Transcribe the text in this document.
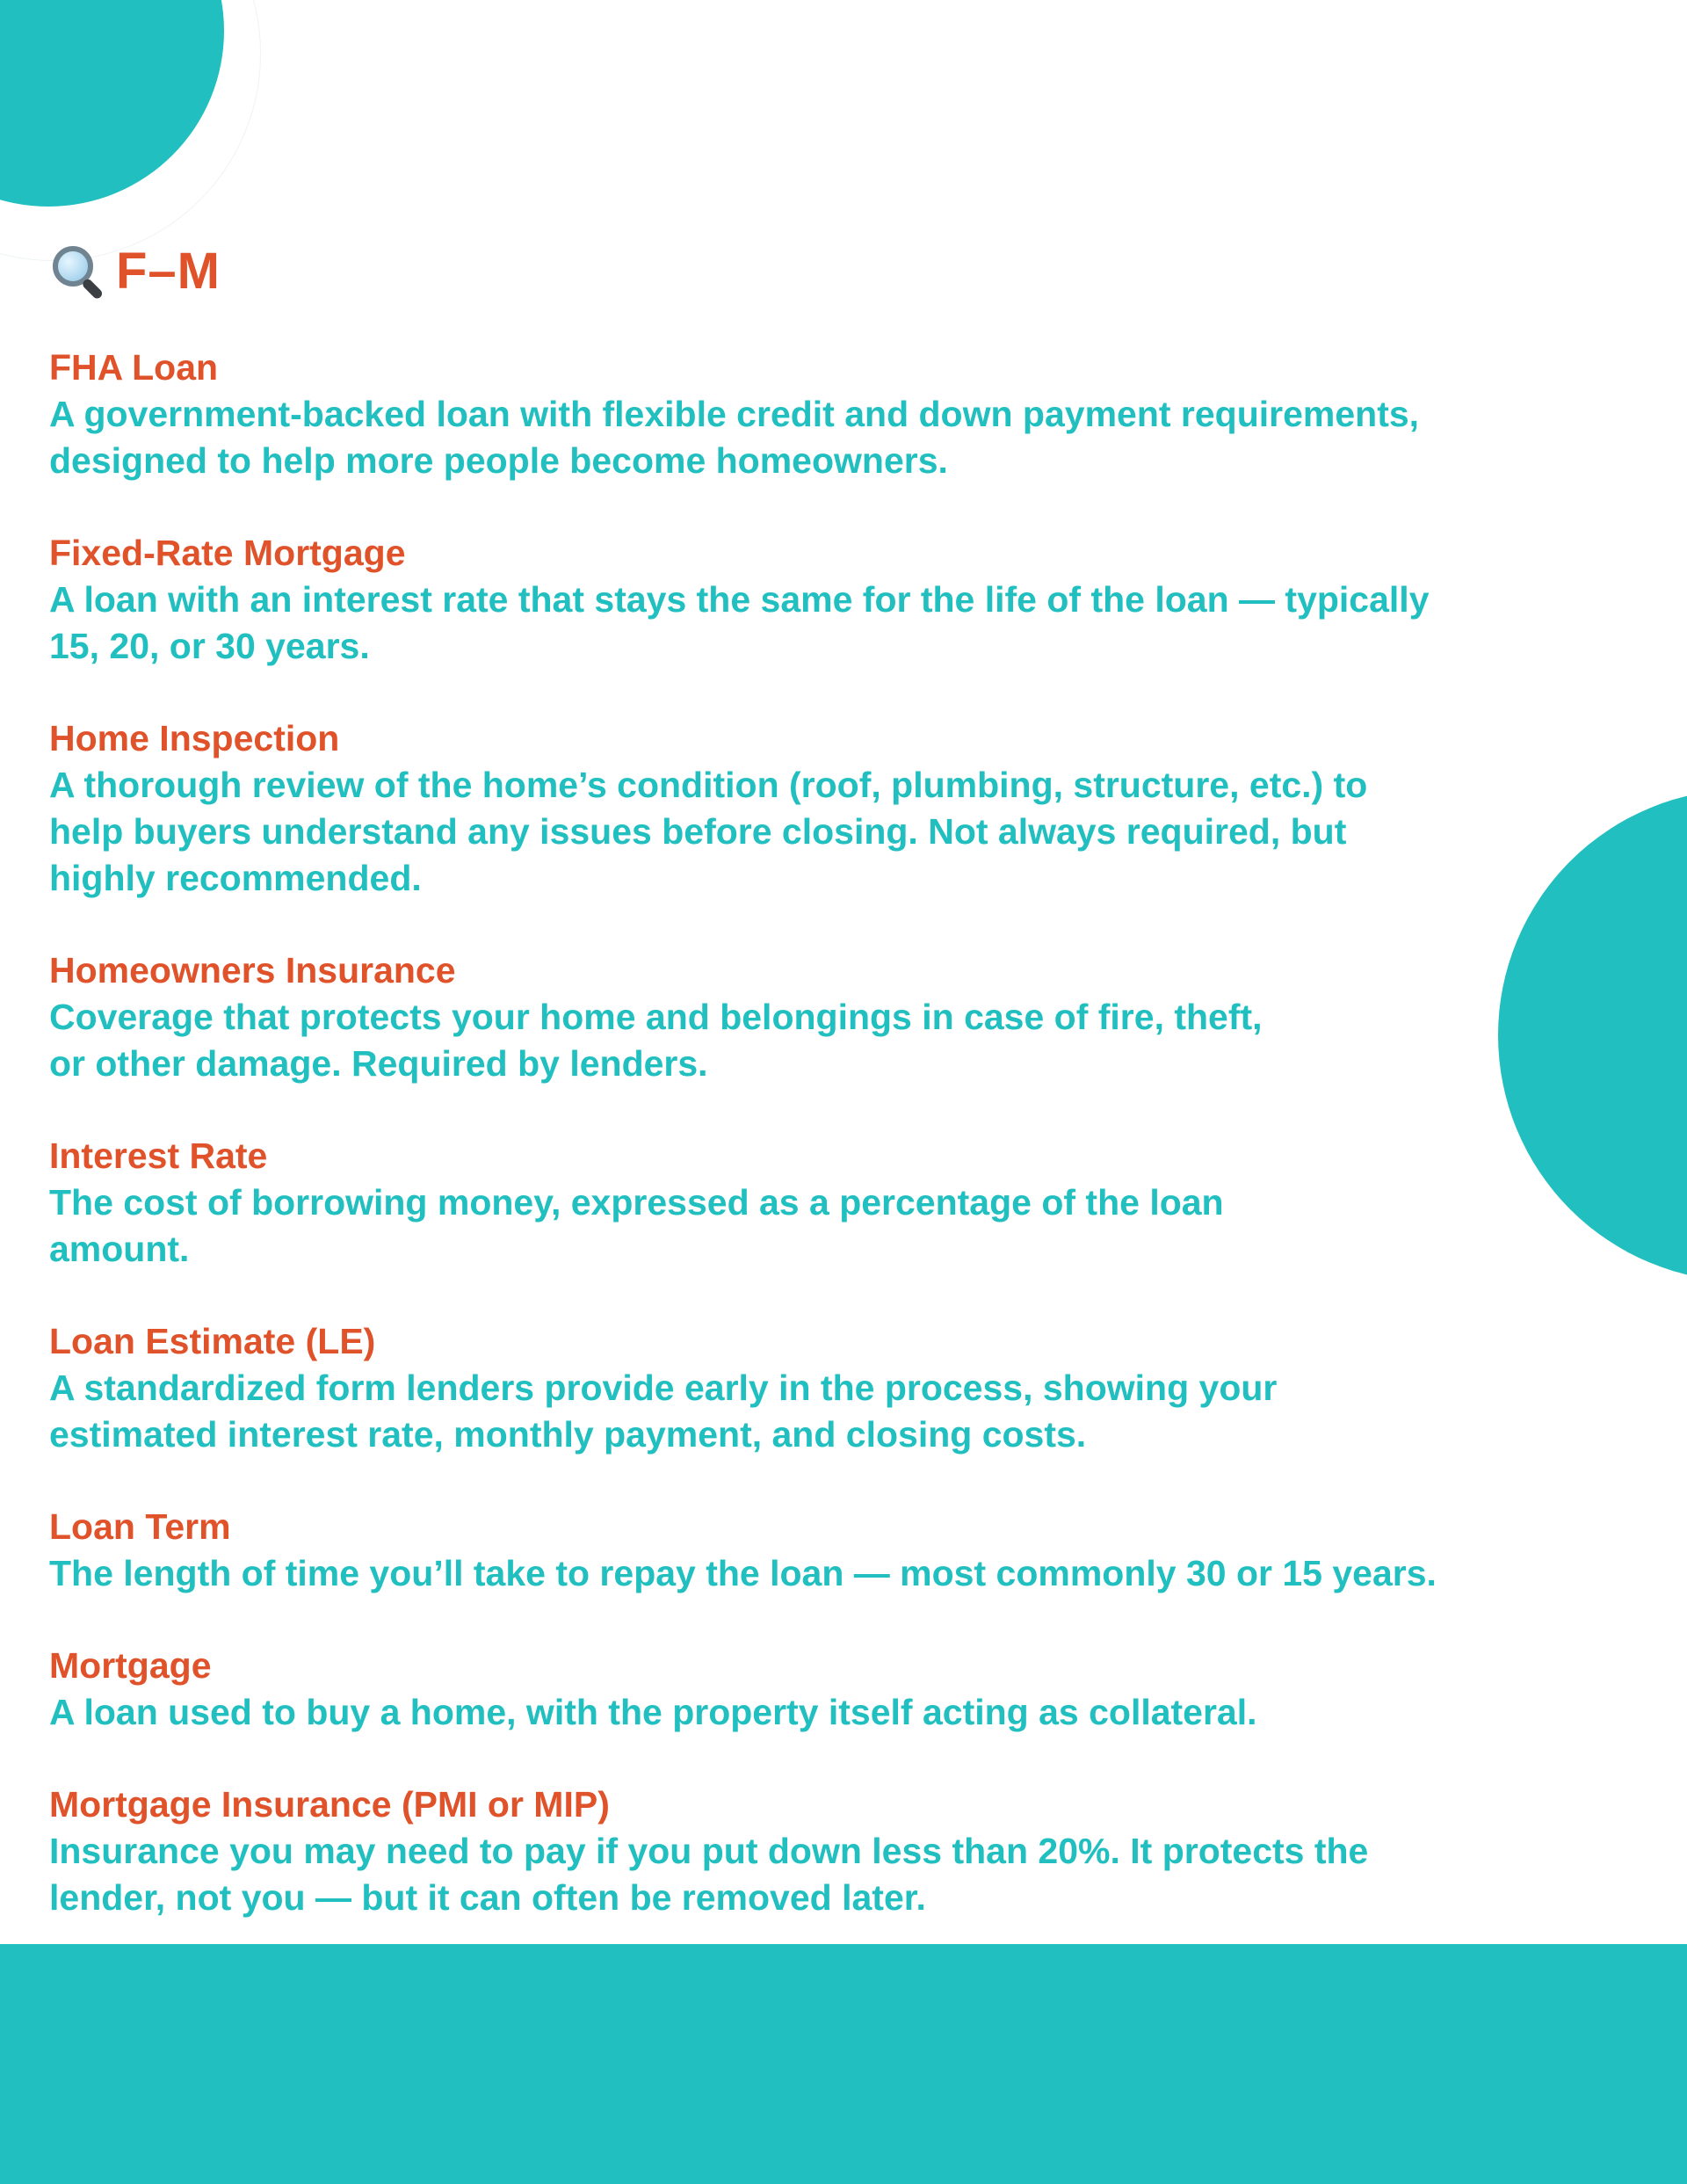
F–M
FHA Loan
A government-backed loan with flexible credit and down payment requirements,
designed to help more people become homeowners.
Fixed-Rate Mortgage
A loan with an interest rate that stays the same for the life of the loan — typically
15, 20, or 30 years.
Home Inspection
A thorough review of the home’s condition (roof, plumbing, structure, etc.) to
help buyers understand any issues before closing. Not always required, but
highly recommended.
Homeowners Insurance
Coverage that protects your home and belongings in case of fire, theft,
or other damage. Required by lenders.
Interest Rate
The cost of borrowing money, expressed as a percentage of the loan
amount.
Loan Estimate (LE)
A standardized form lenders provide early in the process, showing your
estimated interest rate, monthly payment, and closing costs.
Loan Term
The length of time you’ll take to repay the loan — most commonly 30 or 15 years.
Mortgage
A loan used to buy a home, with the property itself acting as collateral.
Mortgage Insurance (PMI or MIP)
Insurance you may need to pay if you put down less than 20%. It protects the
lender, not you — but it can often be removed later.
